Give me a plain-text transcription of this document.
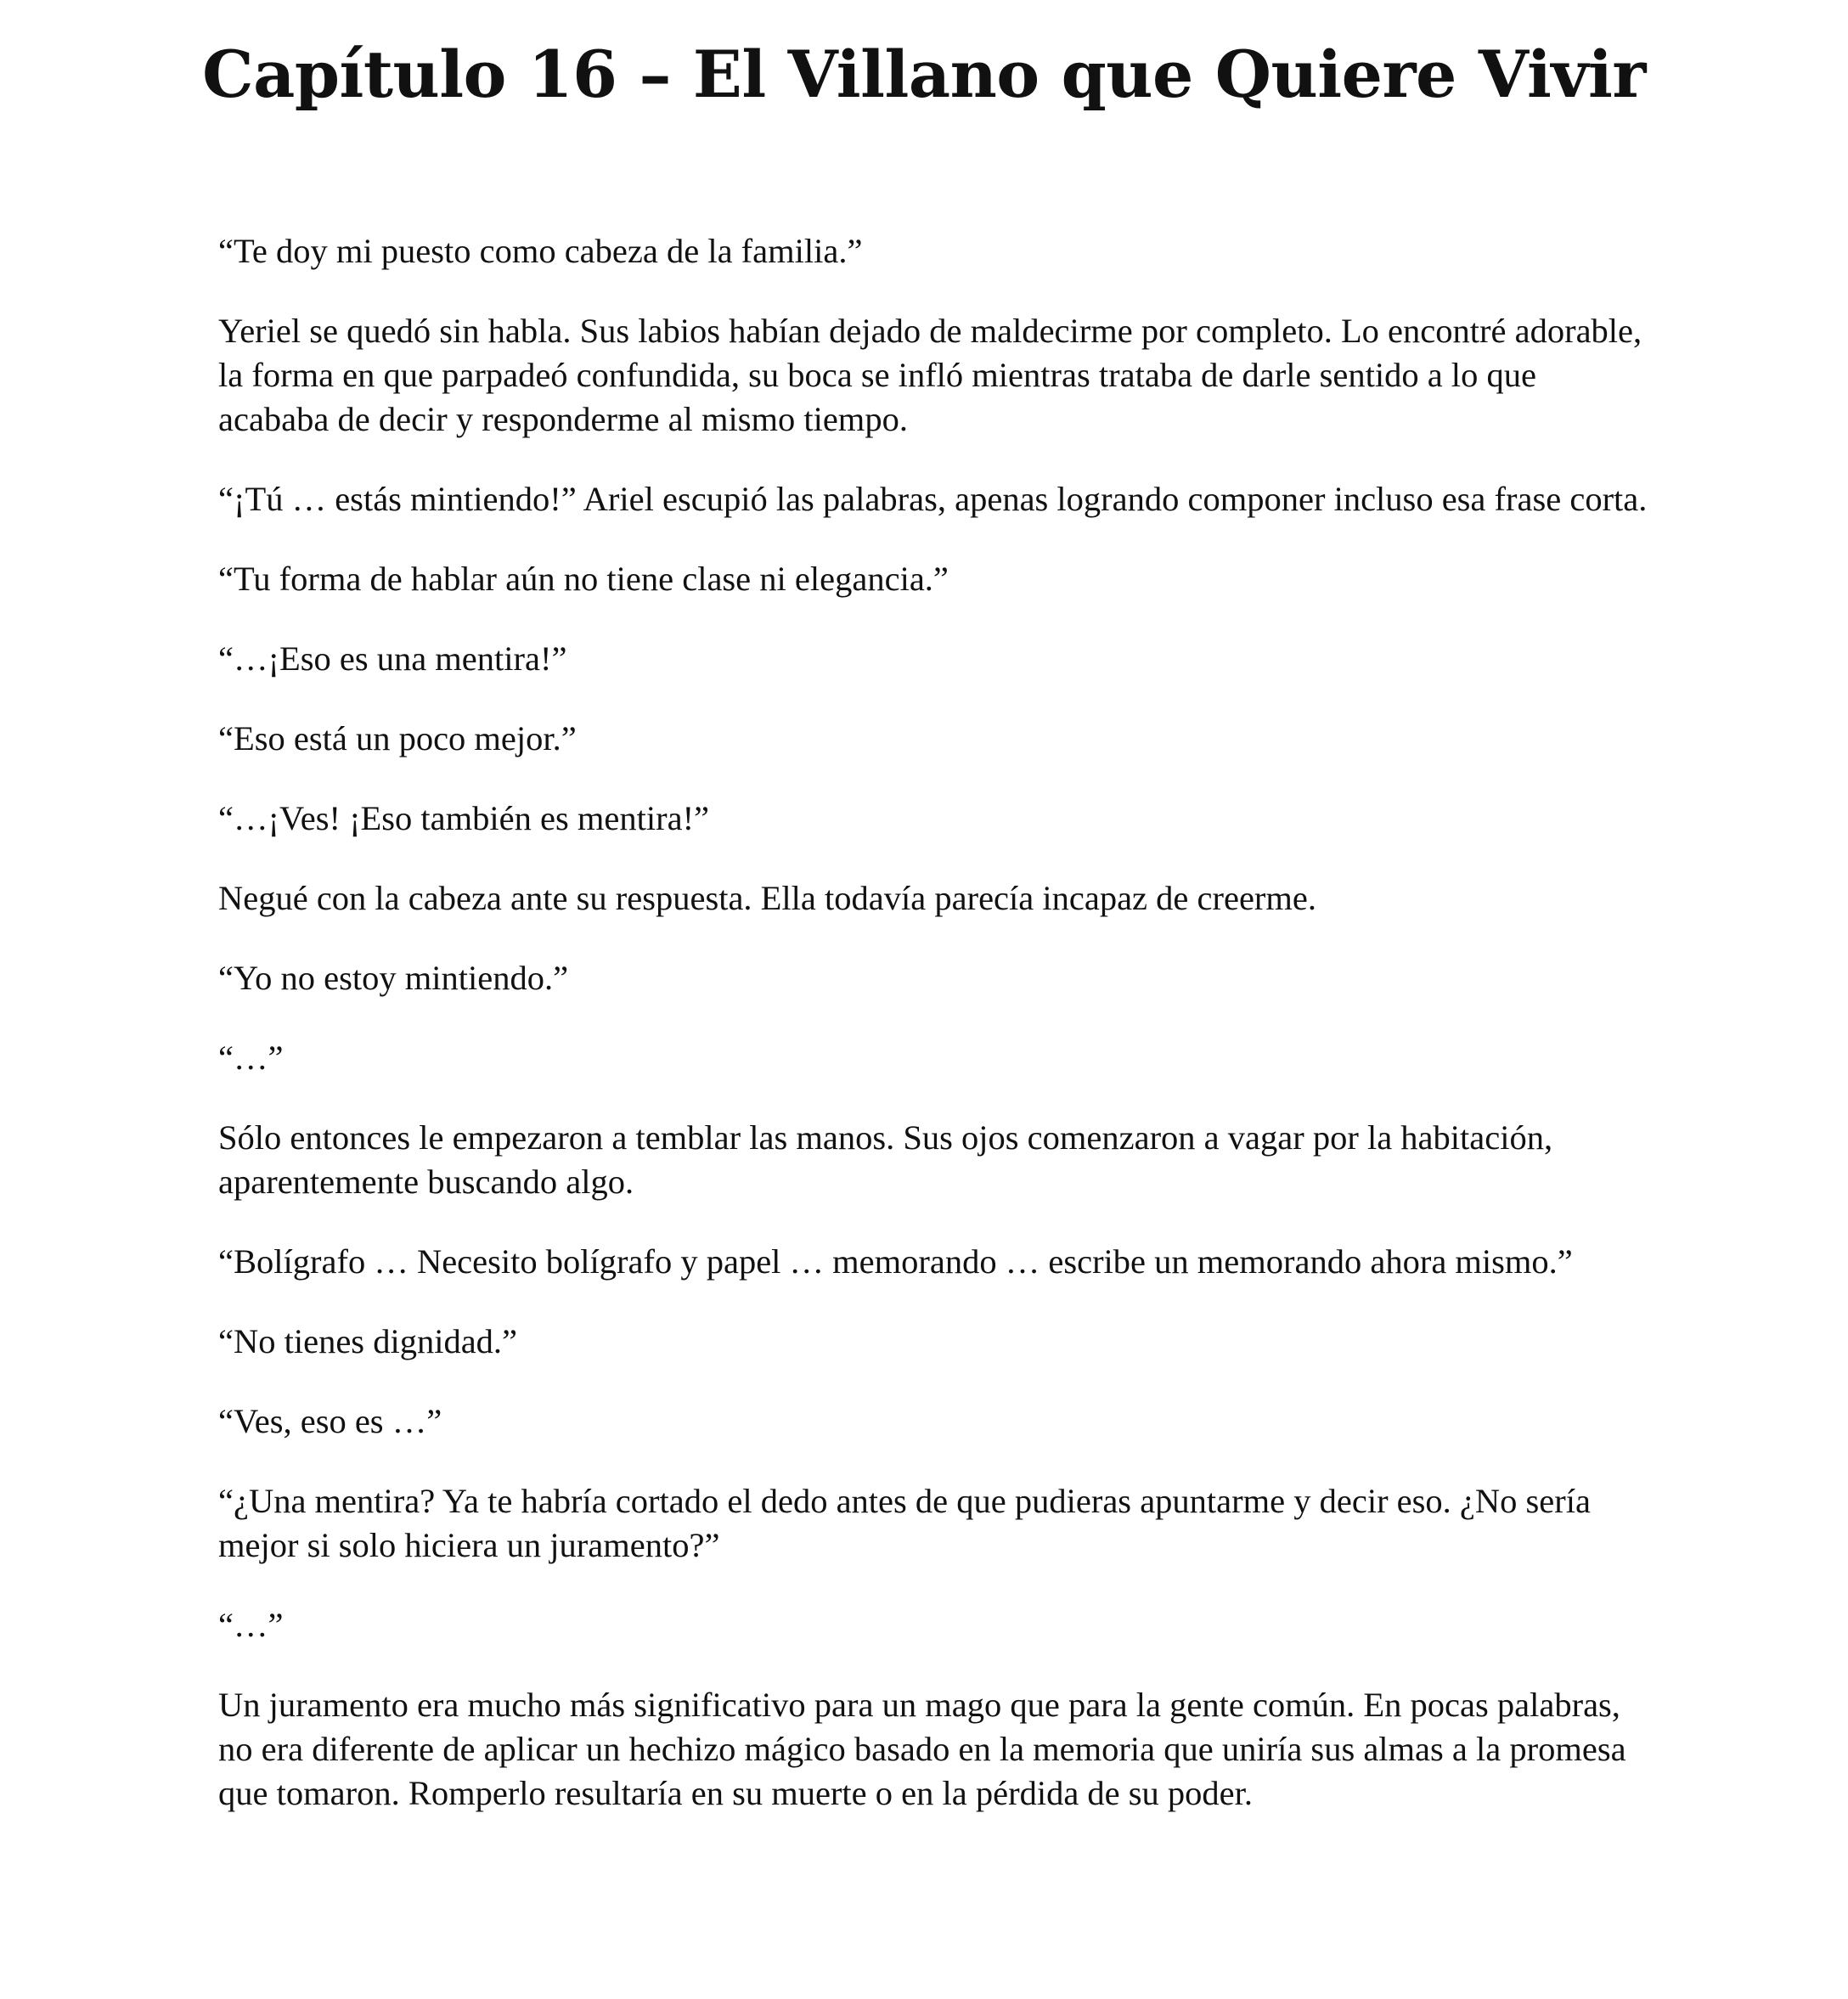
Capítulo 16 – El Villano que Quiere Vivir

“Te doy mi puesto como cabeza de la familia.”

Yeriel se quedó sin habla. Sus labios habían dejado de maldecirme por completo. Lo encontré adorable, la forma en que parpadeó confundida, su boca se infló mientras trataba de darle sentido a lo que acababa de decir y responderme al mismo tiempo.

“¡Tú … estás mintiendo!” Ariel escupió las palabras, apenas logrando componer incluso esa frase corta.

“Tu forma de hablar aún no tiene clase ni elegancia.”

“…¡Eso es una mentira!”

“Eso está un poco mejor.”

“…¡Ves! ¡Eso también es mentira!”

Negué con la cabeza ante su respuesta. Ella todavía parecía incapaz de creerme.

“Yo no estoy mintiendo.”

“…”

Sólo entonces le empezaron a temblar las manos. Sus ojos comenzaron a vagar por la habitación, aparentemente buscando algo.

“Bolígrafo … Necesito bolígrafo y papel … memorando … escribe un memorando ahora mismo.”

“No tienes dignidad.”

“Ves, eso es …”

“¿Una mentira? Ya te habría cortado el dedo antes de que pudieras apuntarme y decir eso. ¿No sería mejor si solo hiciera un juramento?”

“…”

Un juramento era mucho más significativo para un mago que para la gente común. En pocas palabras, no era diferente de aplicar un hechizo mágico basado en la memoria que uniría sus almas a la promesa que tomaron. Romperlo resultaría en su muerte o en la pérdida de su poder.
